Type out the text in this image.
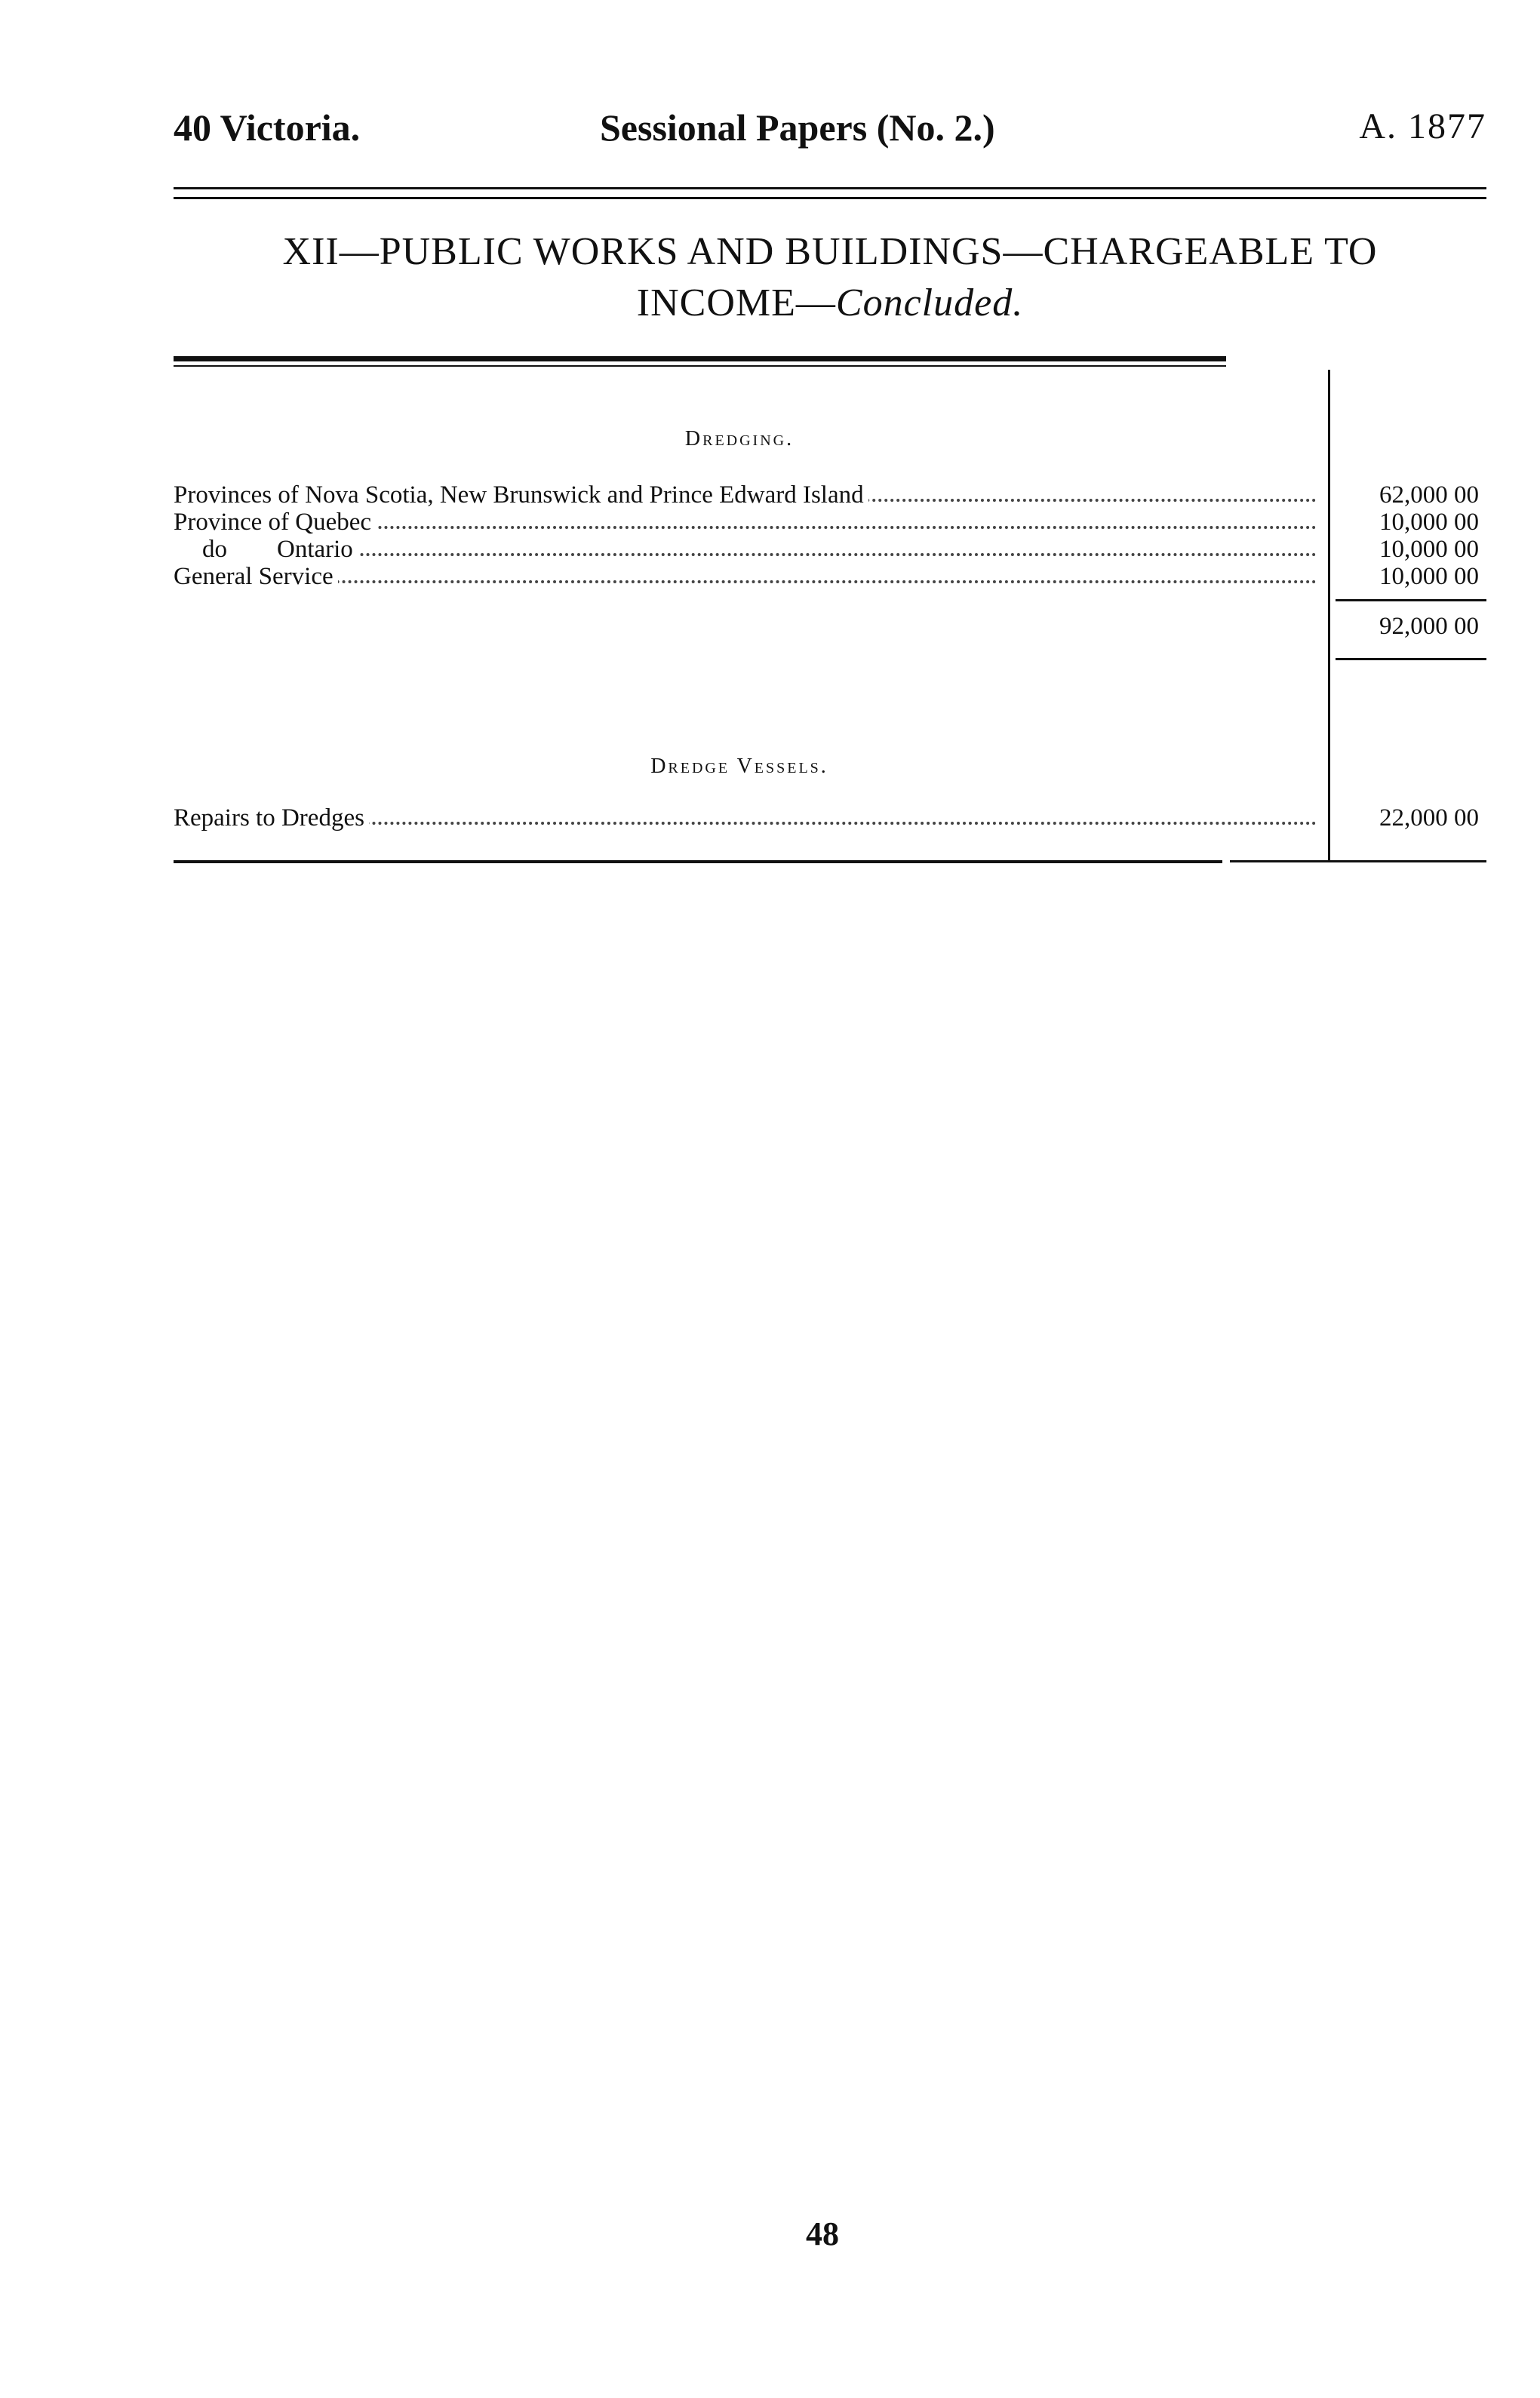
40 Victoria.	Sessional Papers (No. 2.)	A. 1877
XII—PUBLIC WORKS AND BUILDINGS—CHARGEABLE TO
INCOME—Concluded.
Dredging.
Provinces of Nova Scotia, New Brunswick and Prince Edward Island	62,000 00
Province of Quebec	10,000 00
do        Ontario	10,000 00
General Service	10,000 00
92,000 00
Dredge Vessels.
Repairs to Dredges	22,000 00
48
